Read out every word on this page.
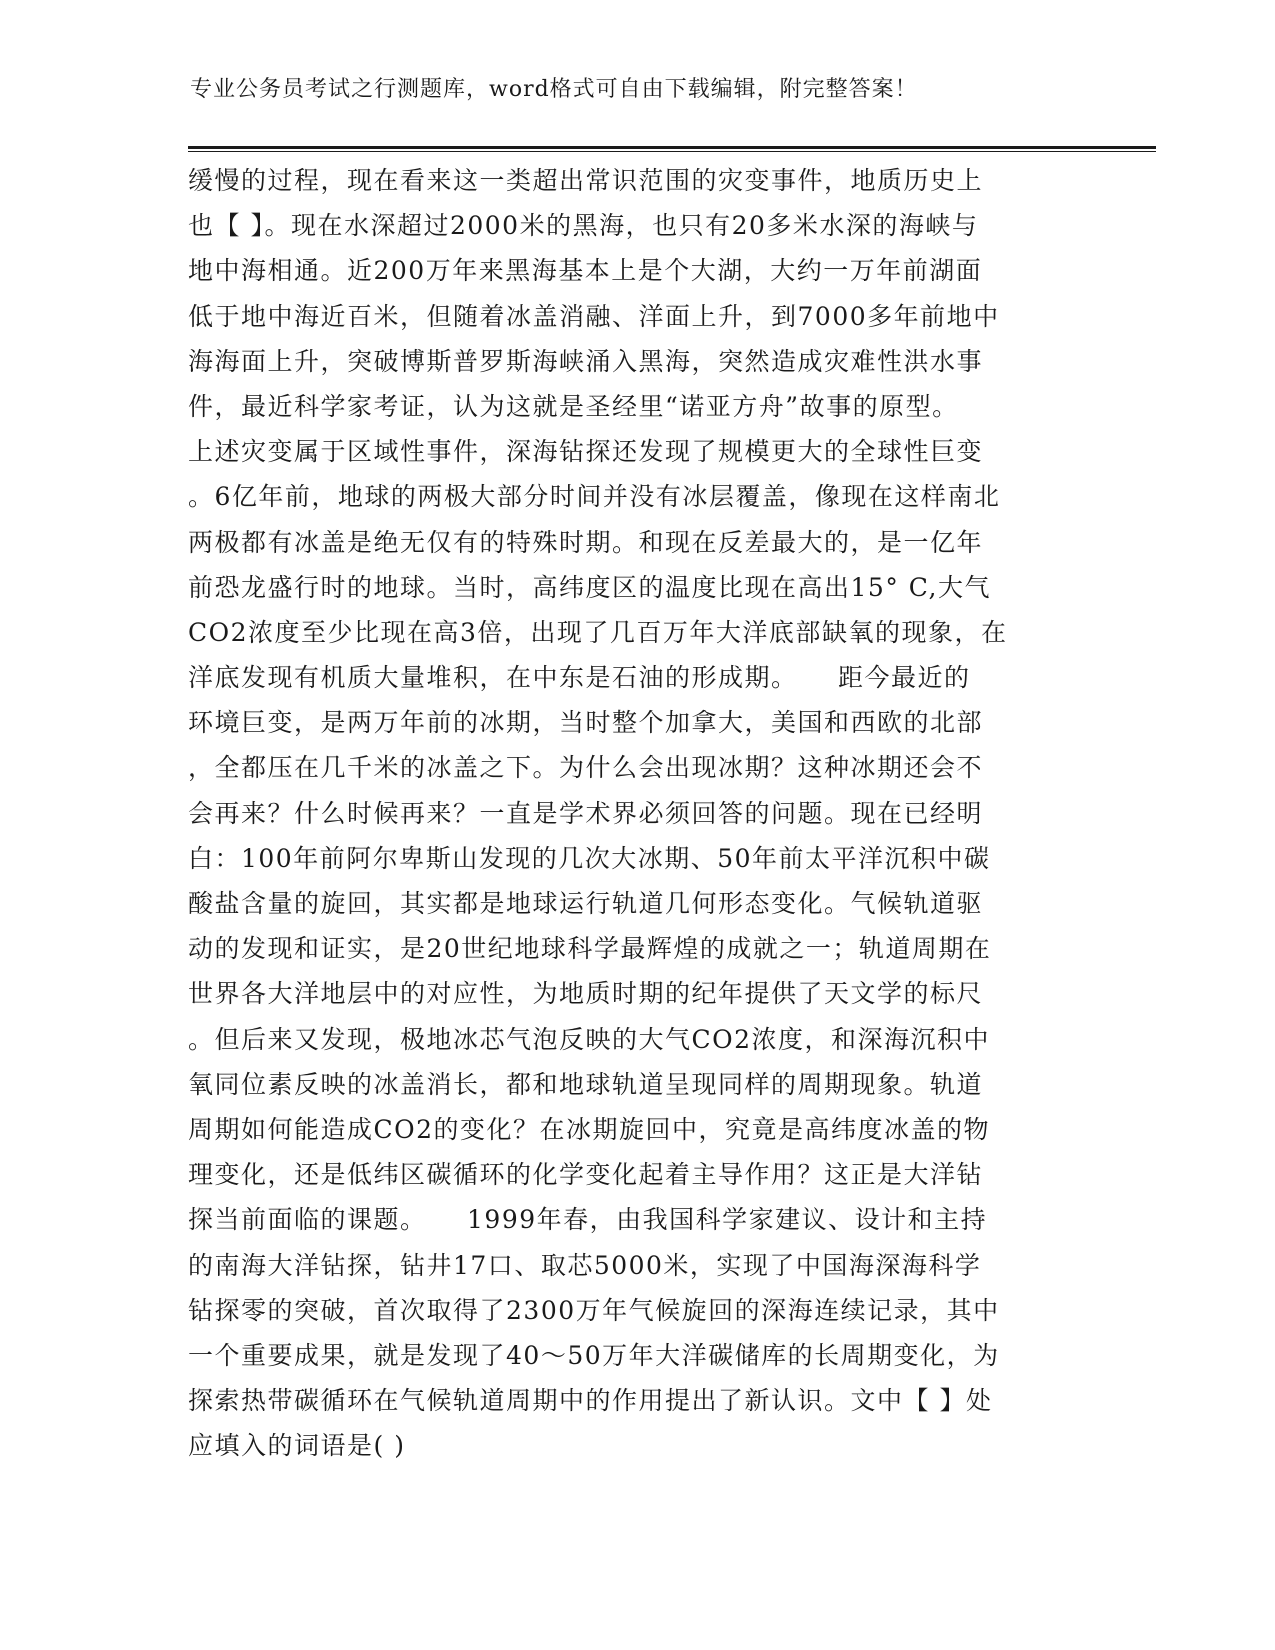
专业公务员考试之行测题库，word格式可自由下载编辑，附完整答案！
缓慢的过程，现在看来这一类超出常识范围的灾变事件，地质历史上
也【 】。现在水深超过2000米的黑海，也只有20多米水深的海峡与
地中海相通。近200万年来黑海基本上是个大湖，大约一万年前湖面
低于地中海近百米，但随着冰盖消融、洋面上升，到7000多年前地中
海海面上升，突破博斯普罗斯海峡涌入黑海，突然造成灾难性洪水事
件，最近科学家考证，认为这就是圣经里“诺亚方舟”故事的原型。
上述灾变属于区域性事件，深海钻探还发现了规模更大的全球性巨变
。6亿年前，地球的两极大部分时间并没有冰层覆盖，像现在这样南北
两极都有冰盖是绝无仅有的特殊时期。和现在反差最大的，是一亿年
前恐龙盛行时的地球。当时，高纬度区的温度比现在高出15° C,大气
CO2浓度至少比现在高3倍，出现了几百万年大洋底部缺氧的现象，在
洋底发现有机质大量堆积，在中东是石油的形成期。　　距今最近的
环境巨变，是两万年前的冰期，当时整个加拿大，美国和西欧的北部
，全都压在几千米的冰盖之下。为什么会出现冰期？这种冰期还会不
会再来？什么时候再来？一直是学术界必须回答的问题。现在已经明
白：100年前阿尔卑斯山发现的几次大冰期、50年前太平洋沉积中碳
酸盐含量的旋回，其实都是地球运行轨道几何形态变化。气候轨道驱
动的发现和证实，是20世纪地球科学最辉煌的成就之一；轨道周期在
世界各大洋地层中的对应性，为地质时期的纪年提供了天文学的标尺
。但后来又发现，极地冰芯气泡反映的大气CO2浓度，和深海沉积中
氧同位素反映的冰盖消长，都和地球轨道呈现同样的周期现象。轨道
周期如何能造成CO2的变化？在冰期旋回中，究竟是高纬度冰盖的物
理变化，还是低纬区碳循环的化学变化起着主导作用？这正是大洋钻
探当前面临的课题。　　1999年春，由我国科学家建议、设计和主持
的南海大洋钻探，钻井17口、取芯5000米，实现了中国海深海科学
钻探零的突破，首次取得了2300万年气候旋回的深海连续记录，其中
一个重要成果，就是发现了40～50万年大洋碳储库的长周期变化，为
探索热带碳循环在气候轨道周期中的作用提出了新认识。文中【 】处
应填入的词语是( )
